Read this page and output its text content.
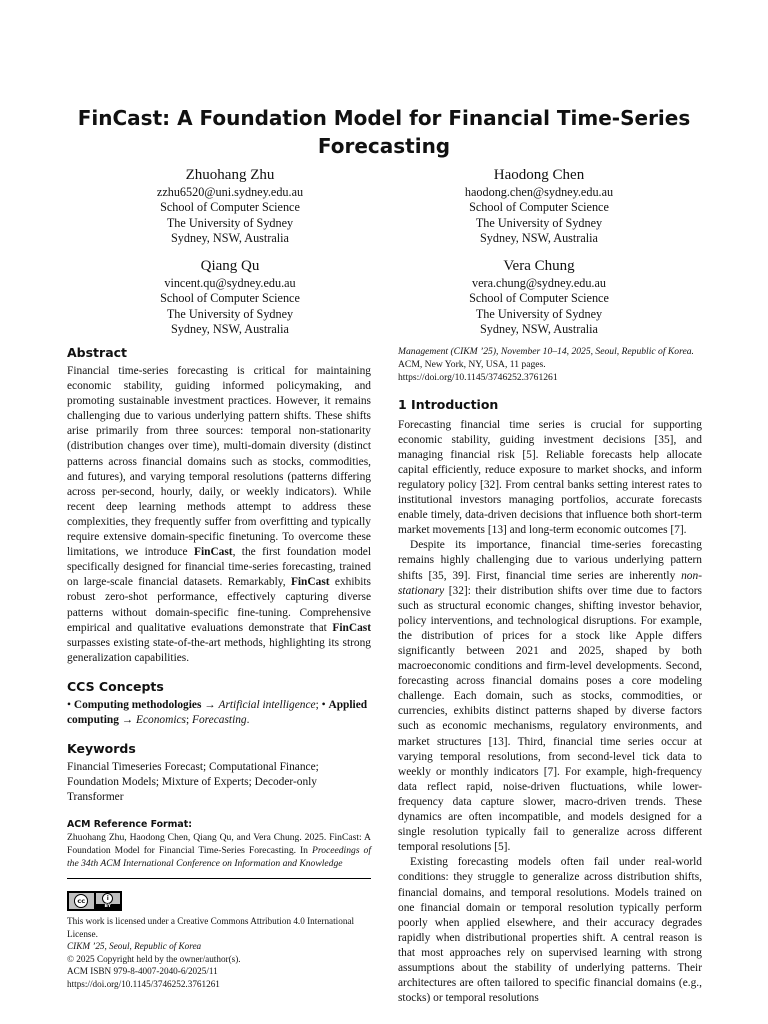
FinCast: A Foundation Model for Financial Time-Series Forecasting
Zhuohang Zhu
zzhu6520@uni.sydney.edu.au
School of Computer Science
The University of Sydney
Sydney, NSW, Australia
Haodong Chen
haodong.chen@sydney.edu.au
School of Computer Science
The University of Sydney
Sydney, NSW, Australia
Qiang Qu
vincent.qu@sydney.edu.au
School of Computer Science
The University of Sydney
Sydney, NSW, Australia
Vera Chung
vera.chung@sydney.edu.au
School of Computer Science
The University of Sydney
Sydney, NSW, Australia
Abstract

Financial time-series forecasting is critical for maintaining economic stability, guiding informed policymaking, and promoting sustainable investment practices. However, it remains challenging due to various underlying pattern shifts. These shifts arise primarily from three sources: temporal non-stationarity (distribution changes over time), multi-domain diversity (distinct patterns across financial domains such as stocks, commodities, and futures), and varying temporal resolutions (patterns differing across per-second, hourly, daily, or weekly indicators). While recent deep learning methods attempt to address these complexities, they frequently suffer from overfitting and typically require extensive domain-specific finetuning. To overcome these limitations, we introduce FinCast, the first foundation model specifically designed for financial time-series forecasting, trained on large-scale financial datasets. Remarkably, FinCast exhibits robust zero-shot performance, effectively capturing diverse patterns without domain-specific fine-tuning. Comprehensive empirical and qualitative evaluations demonstrate that FinCast surpasses existing state-of-the-art methods, highlighting its strong generalization capabilities.

CCS Concepts

• Computing methodologies → Artificial intelligence; • Applied computing → Economics; Forecasting.

Keywords

Financial Timeseries Forecast; Computational Finance; Foundation Models; Mixture of Experts; Decoder-only Transformer

ACM Reference Format:

Zhuohang Zhu, Haodong Chen, Qiang Qu, and Vera Chung. 2025. FinCast: A Foundation Model for Financial Time-Series Forecasting. In Proceedings of the 34th ACM International Conference on Information and Knowledge

cc	i
BY

This work is licensed under a Creative Commons Attribution 4.0 International License.

CIKM ’25, Seoul, Republic of Korea

© 2025 Copyright held by the owner/author(s).

ACM ISBN 979-8-4007-2040-6/2025/11

https://doi.org/10.1145/3746252.3761261

Management (CIKM ’25), November 10–14, 2025, Seoul, Republic of Korea.
ACM, New York, NY, USA, 11 pages. https://doi.org/10.1145/3746252.3761261

1 Introduction

Forecasting financial time series is crucial for supporting economic stability, guiding investment decisions [35], and managing financial risk [5]. Reliable forecasts help allocate capital efficiently, reduce exposure to market shocks, and inform regulatory policy [32]. From central banks setting interest rates to institutional investors managing portfolios, accurate forecasts enable timely, data-driven decisions that influence both short-term market movements [13] and long-term economic outcomes [7].

Despite its importance, financial time-series forecasting remains highly challenging due to various underlying pattern shifts [35, 39]. First, financial time series are inherently non-stationary [32]: their distribution shifts over time due to factors such as structural economic changes, shifting investor behavior, policy interventions, and technological disruptions. For example, the distribution of prices for a stock like Apple differs significantly between 2021 and 2025, shaped by both macroeconomic conditions and firm-level developments. Second, forecasting across financial domains poses a core modeling challenge. Each domain, such as stocks, commodities, or currencies, exhibits distinct patterns shaped by diverse factors such as economic mechanisms, regulatory environments, and market structures [13]. Third, financial time series occur at varying temporal resolutions, from second-level tick data to weekly or monthly indicators [7]. For example, high-frequency data reflect rapid, noise-driven fluctuations, while lower-frequency data capture slower, macro-driven trends. These dynamics are often incompatible, and models designed for a single resolution typically fail to generalize across different temporal resolutions [5].

Existing forecasting models often fail under real-world conditions: they struggle to generalize across distribution shifts, financial domains, and temporal resolutions. Models trained on one financial domain or temporal resolution typically perform poorly when applied elsewhere, and their accuracy degrades rapidly when distributional properties shift. A central reason is that most approaches rely on supervised learning with strong assumptions about the stability of underlying patterns. Their architectures are often tailored to specific financial domains (e.g., stocks) or temporal resolutions
